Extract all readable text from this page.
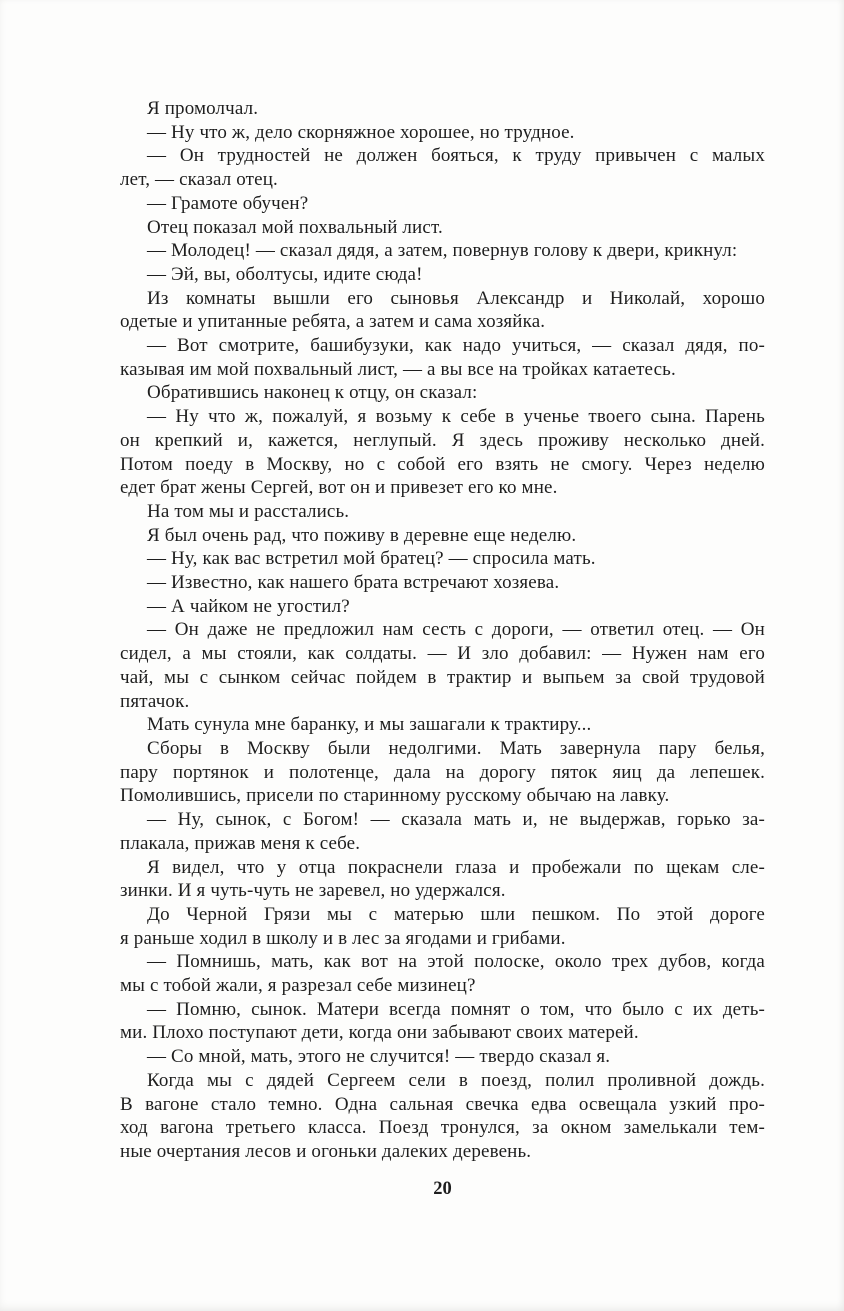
Я промолчал.

— Ну что ж, дело скорняжное хорошее, но трудное.

— Он трудностей не должен бояться, к труду привычен с малых
лет, — сказал отец.

— Грамоте обучен?

Отец показал мой похвальный лист.

— Молодец! — сказал дядя, а затем, повернув голову к двери, крикнул:

— Эй, вы, оболтусы, идите сюда!

Из комнаты вышли его сыновья Александр и Николай, хорошо
одетые и упитанные ребята, а затем и сама хозяйка.

— Вот смотрите, башибузуки, как надо учиться, — сказал дядя, по-
казывая им мой похвальный лист, — а вы все на тройках катаетесь.

Обратившись наконец к отцу, он сказал:

— Ну что ж, пожалуй, я возьму к себе в ученье твоего сына. Парень
он крепкий и, кажется, неглупый. Я здесь проживу несколько дней.
Потом поеду в Москву, но с собой его взять не смогу. Через неделю
едет брат жены Сергей, вот он и привезет его ко мне.

На том мы и расстались.

Я был очень рад, что поживу в деревне еще неделю.

— Ну, как вас встретил мой братец? — спросила мать.

— Известно, как нашего брата встречают хозяева.

— А чайком не угостил?

— Он даже не предложил нам сесть с дороги, — ответил отец. — Он
сидел, а мы стояли, как солдаты. — И зло добавил: — Нужен нам его
чай, мы с сынком сейчас пойдем в трактир и выпьем за свой трудовой
пятачок.

Мать сунула мне баранку, и мы зашагали к трактиру...

Сборы в Москву были недолгими. Мать завернула пару белья,
пару портянок и полотенце, дала на дорогу пяток яиц да лепешек.
Помолившись, присели по старинному русскому обычаю на лавку.

— Ну, сынок, с Богом! — сказала мать и, не выдержав, горько за-
плакала, прижав меня к себе.

Я видел, что у отца покраснели глаза и пробежали по щекам сле-
зинки. И я чуть-чуть не заревел, но удержался.

До Черной Грязи мы с матерью шли пешком. По этой дороге
я раньше ходил в школу и в лес за ягодами и грибами.

— Помнишь, мать, как вот на этой полоске, около трех дубов, когда
мы с тобой жали, я разрезал себе мизинец?

— Помню, сынок. Матери всегда помнят о том, что было с их деть-
ми. Плохо поступают дети, когда они забывают своих матерей.

— Со мной, мать, этого не случится! — твердо сказал я.

Когда мы с дядей Сергеем сели в поезд, полил проливной дождь.
В вагоне стало темно. Одна сальная свечка едва освещала узкий про-
ход вагона третьего класса. Поезд тронулся, за окном замелькали тем-
ные очертания лесов и огоньки далеких деревень.

20
